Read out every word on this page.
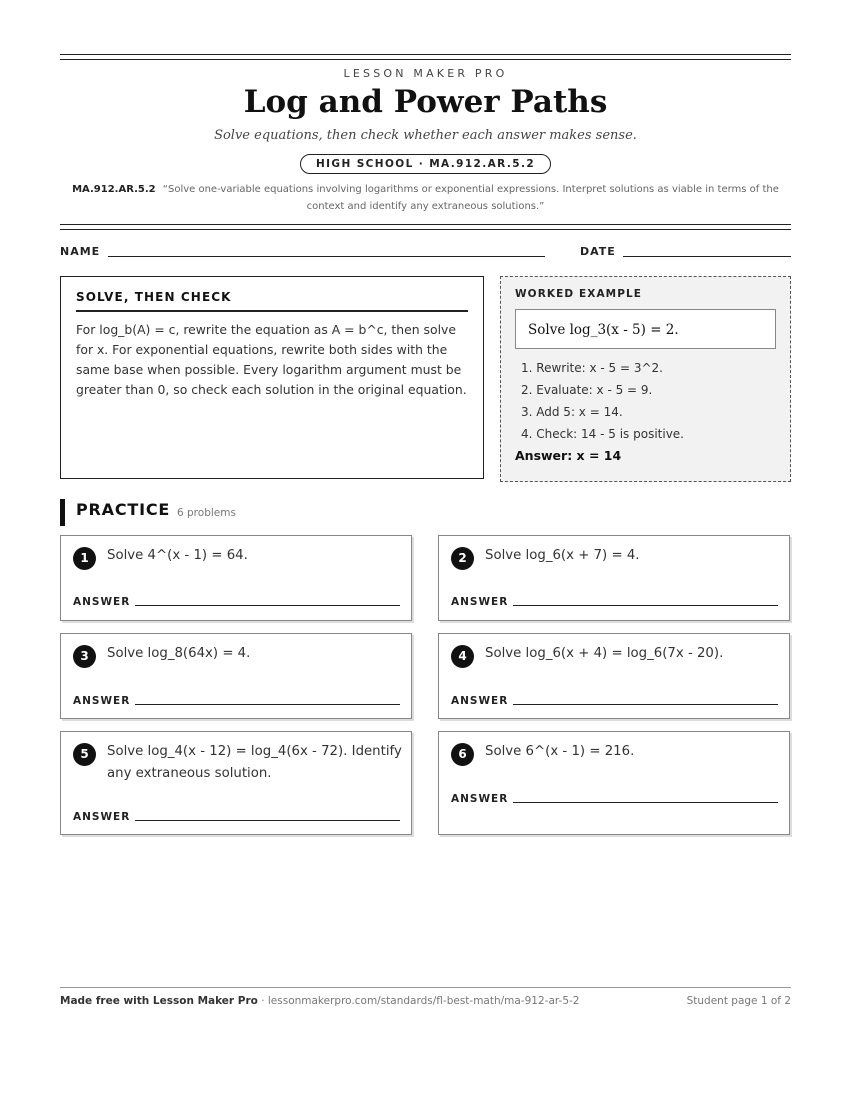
LESSON MAKER PRO
Log and Power Paths
Solve equations, then check whether each answer makes sense.
HIGH SCHOOL · MA.912.AR.5.2
MA.912.AR.5.2 “Solve one-variable equations involving logarithms or exponential expressions. Interpret solutions as viable in terms of the context and identify any extraneous solutions.”
NAME	DATE
SOLVE, THEN CHECK
For log_b(A) = c, rewrite the equation as A = b^c, then solve for x. For exponential equations, rewrite both sides with the same base when possible. Every logarithm argument must be greater than 0, so check each solution in the original equation.
WORKED EXAMPLE
Solve log_3(x - 5) = 2.
1. Rewrite: x - 5 = 3^2.
2. Evaluate: x - 5 = 9.
3. Add 5: x = 14.
4. Check: 14 - 5 is positive.
Answer: x = 14
PRACTICE 6 problems
1	Solve 4^(x - 1) = 64.
ANSWER
2	Solve log_6(x + 7) = 4.
ANSWER
3	Solve log_8(64x) = 4.
ANSWER
4	Solve log_6(x + 4) = log_6(7x - 20).
ANSWER
5	Solve log_4(x - 12) = log_4(6x - 72). Identify any extraneous solution.
ANSWER
6	Solve 6^(x - 1) = 216.
ANSWER
Made free with Lesson Maker Pro · lessonmakerpro.com/standards/fl-best-math/ma-912-ar-5-2	Student page 1 of 2
